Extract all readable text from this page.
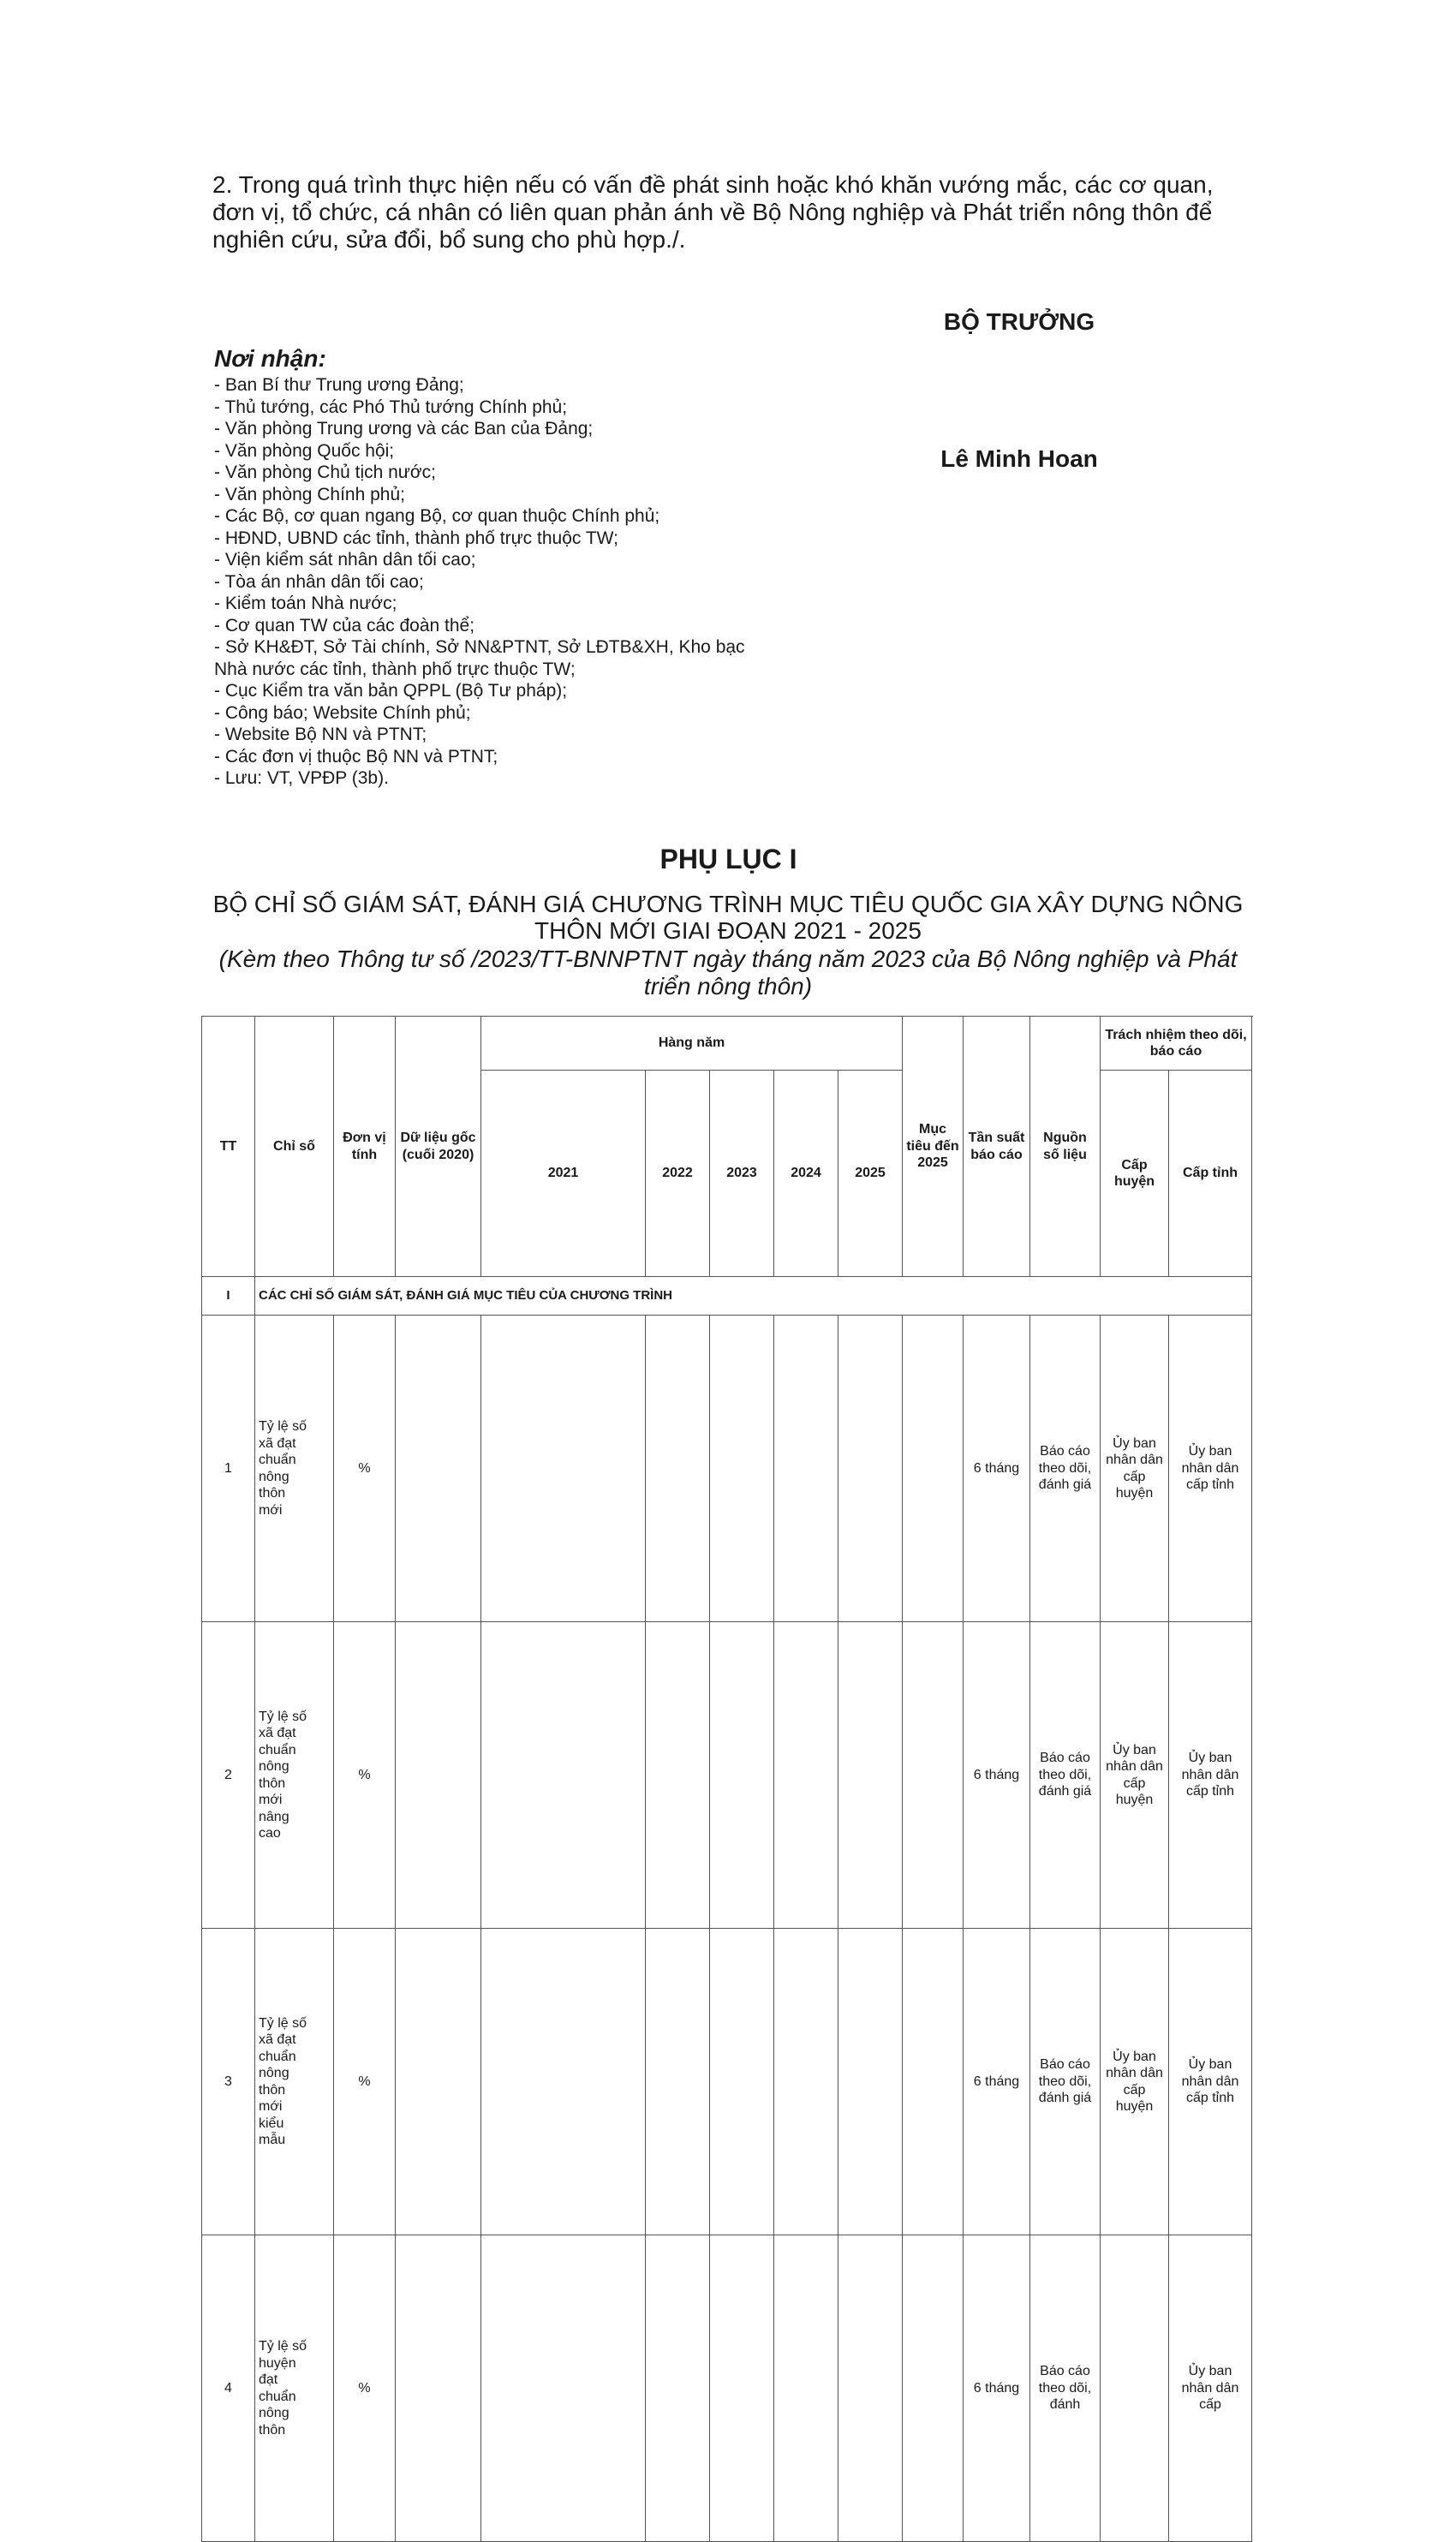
2. Trong quá trình thực hiện nếu có vấn đề phát sinh hoặc khó khăn vướng mắc, các cơ quan, đơn vị, tổ chức, cá nhân có liên quan phản ánh về Bộ Nông nghiệp và Phát triển nông thôn để nghiên cứu, sửa đổi, bổ sung cho phù hợp./.
BỘ TRƯỞNG
Lê Minh Hoan
Nơi nhận:
- Ban Bí thư Trung ương Đảng;
- Thủ tướng, các Phó Thủ tướng Chính phủ;
- Văn phòng Trung ương và các Ban của Đảng;
- Văn phòng Quốc hội;
- Văn phòng Chủ tịch nước;
- Văn phòng Chính phủ;
- Các Bộ, cơ quan ngang Bộ, cơ quan thuộc Chính phủ;
- HĐND, UBND các tỉnh, thành phố trực thuộc TW;
- Viện kiểm sát nhân dân tối cao;
- Tòa án nhân dân tối cao;
- Kiểm toán Nhà nước;
- Cơ quan TW của các đoàn thể;
- Sở KH&ĐT, Sở Tài chính, Sở NN&PTNT, Sở LĐTB&XH, Kho bạc Nhà nước các tỉnh, thành phố trực thuộc TW;
- Cục Kiểm tra văn bản QPPL (Bộ Tư pháp);
- Công báo; Website Chính phủ;
- Website Bộ NN và PTNT;
- Các đơn vị thuộc Bộ NN và PTNT;
- Lưu: VT, VPĐP (3b).
PHỤ LỤC I
BỘ CHỈ SỐ GIÁM SÁT, ĐÁNH GIÁ CHƯƠNG TRÌNH MỤC TIÊU QUỐC GIA XÂY DỰNG NÔNG THÔN MỚI GIAI ĐOẠN 2021 - 2025
(Kèm theo Thông tư số /2023/TT-BNNPTNT ngày tháng năm 2023 của Bộ Nông nghiệp và Phát triển nông thôn)
TT	Chỉ số	Đơn vị tính	Dữ liệu gốc (cuối 2020)	Hàng năm					Mục tiêu đến 2025	Tần suất báo cáo	Nguồn số liệu	Trách nhiệm theo dõi, báo cáo		
				2021	2022	2023	2024	2025				Cấp huyện	Cấp tỉnh	
I	CÁC CHỈ SỐ GIÁM SÁT, ĐÁNH GIÁ MỤC TIÊU CỦA CHƯƠNG TRÌNH													
1	Tỷ lệ số xã đạt chuẩn nông thôn mới	%								6 tháng	Báo cáo theo dõi, đánh giá	Ủy ban nhân dân cấp huyện	Ủy ban nhân dân cấp tỉnh	
2	Tỷ lệ số xã đạt chuẩn nông thôn mới nâng cao	%								6 tháng	Báo cáo theo dõi, đánh giá	Ủy ban nhân dân cấp huyện	Ủy ban nhân dân cấp tỉnh	
3	Tỷ lệ số xã đạt chuẩn nông thôn mới kiểu mẫu	%								6 tháng	Báo cáo theo dõi, đánh giá	Ủy ban nhân dân cấp huyện	Ủy ban nhân dân cấp tỉnh	
4	Tỷ lệ số huyện đạt chuẩn nông thôn	%								6 tháng	Báo cáo theo dõi, đánh		Ủy ban nhân dân cấp	
